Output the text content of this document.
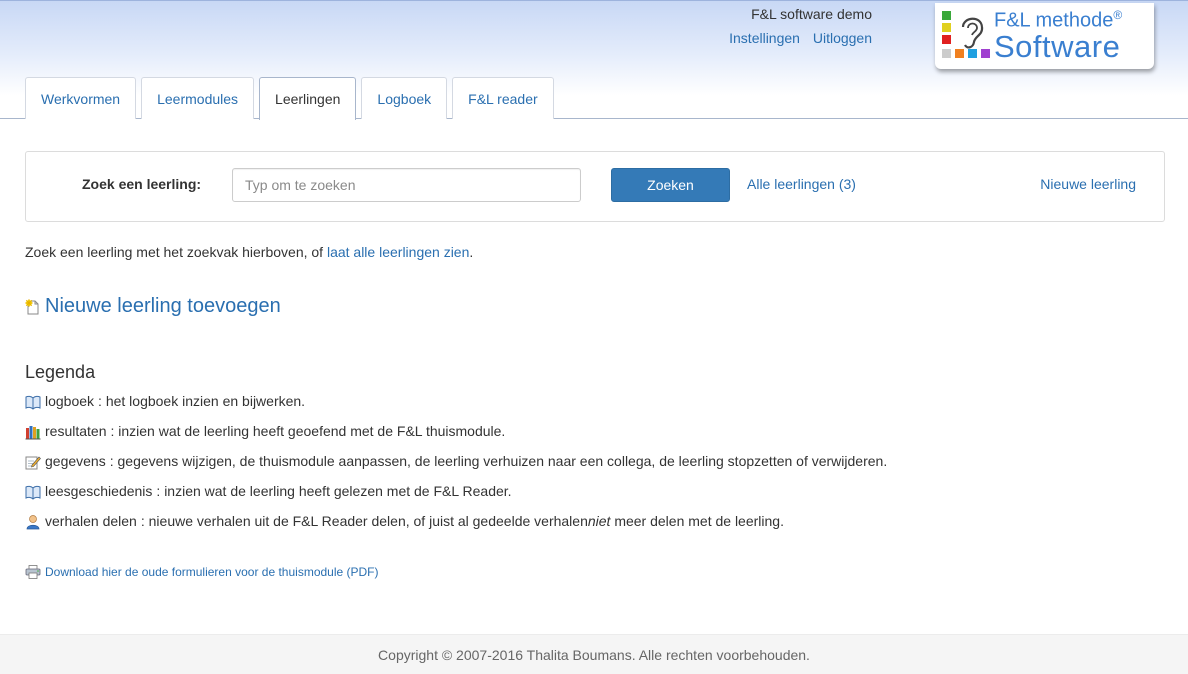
F&L software demo
Instellingen Uitloggen
F&L methode®
Software
Werkvormen	Leermodules	Leerlingen	Logboek	F&L reader
Zoek een leerling:
Typ om te zoeken	Zoeken	Alle leerlingen (3)	Nieuwe leerling
Zoek een leerling met het zoekvak hierboven, of laat alle leerlingen zien.
Nieuwe leerling toevoegen
Legenda
logboek : het logboek inzien en bijwerken.
resultaten : inzien wat de leerling heeft geoefend met de F&L thuismodule.
gegevens : gegevens wijzigen, de thuismodule aanpassen, de leerling verhuizen naar een collega, de leerling stopzetten of verwijderen.
leesgeschiedenis : inzien wat de leerling heeft gelezen met de F&L Reader.
verhalen delen : nieuwe verhalen uit de F&L Reader delen, of juist al gedeelde verhalen niet meer delen met de leerling.
Download hier de oude formulieren voor de thuismodule (PDF)
Copyright © 2007-2016 Thalita Boumans. Alle rechten voorbehouden.
